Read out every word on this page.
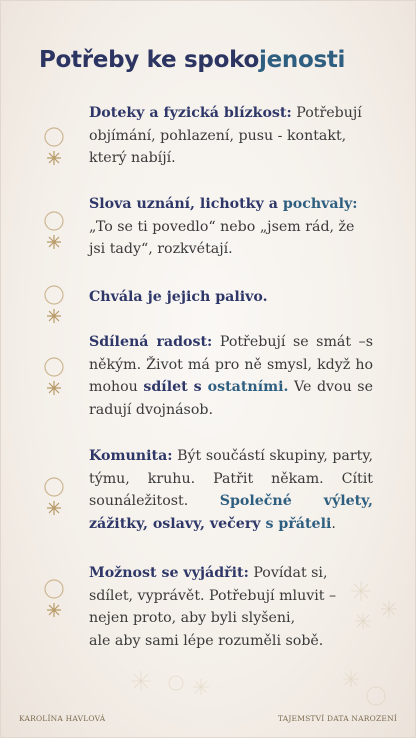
Potřeby ke spokojenosti

Doteky a fyzická blízkost: Potřebují objímání, pohlazení, pusu - kontakt, který nabíjí.

Slova uznání, lichotky a pochvaly: „To se ti povedlo“ nebo „jsem rád, že jsi tady“, rozkvétají.

Chvála je jejich palivo.

Sdílená radost: Potřebují se smát –s někým. Život má pro ně smysl, když ho mohou sdílet s ostatními. Ve dvou se radují dvojnásob.

Komunita: Být součástí skupiny, party, týmu, kruhu. Patřit někam. Cítit sounáležitost. Společné výlety, zážitky, oslavy, večery s přáteli.

Možnost se vyjádřit: Povídat si,
sdílet, vyprávět. Potřebují mluvit –
nejen proto, aby byli slyšeni,
ale aby sami lépe rozuměli sobě.

KAROLÍNA HAVLOVÁ	TAJEMSTVÍ DATA NAROZENÍ
